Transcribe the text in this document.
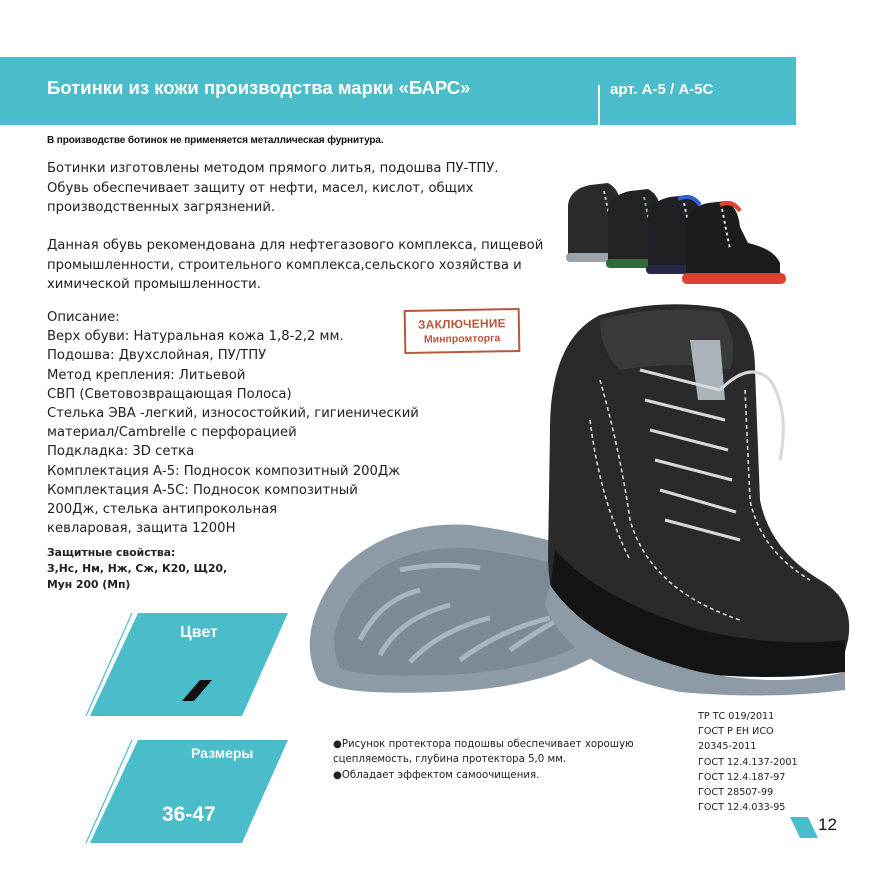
Ботинки из кожи производства марки «БАРС»	арт. А-5 / А-5С
В производстве ботинок не применяется металлическая фурнитура.
Ботинки изготовлены методом прямого литья, подошва ПУ-ТПУ.
Обувь обеспечивает защиту от нефти, масел, кислот, общих
производственных загрязнений.
Данная обувь рекомендована для нефтегазового комплекса, пищевой
промышленности, строительного комплекса,сельского хозяйства и
химической промышленности.
Описание:
Верх обуви: Натуральная кожа 1,8-2,2 мм.
Подошва: Двухслойная, ПУ/ТПУ
Метод крепления: Литьевой
СВП (Световозвращающая Полоса)
Стелька ЭВА -легкий, износостойкий, гигиенический
материал/Cambrelle с перфорацией
Подкладка: 3D сетка
Комплектация А-5: Подносок композитный 200Дж
Комплектация А-5С: Подносок композитный
200Дж, стелька антипрокольная
кевларовая, защита 1200Н
Защитные свойства:
З,Нс, Нм, Нж, Сж, К20, Щ20,
Мун 200 (Мп)
ЗАКЛЮЧЕНИЕ
Минпромторга
Цвет
Размеры
36-47
●Рисунок протектора подошвы обеспечивает хорошую
сцепляемость, глубина протектора 5,0 мм.
●Обладает эффектом самоочищения.
ТР ТС 019/2011
ГОСТ Р ЕН ИСО
20345-2011
ГОСТ 12.4.137-2001
ГОСТ 12.4.187-97
ГОСТ 28507-99
ГОСТ 12.4.033-95
12
